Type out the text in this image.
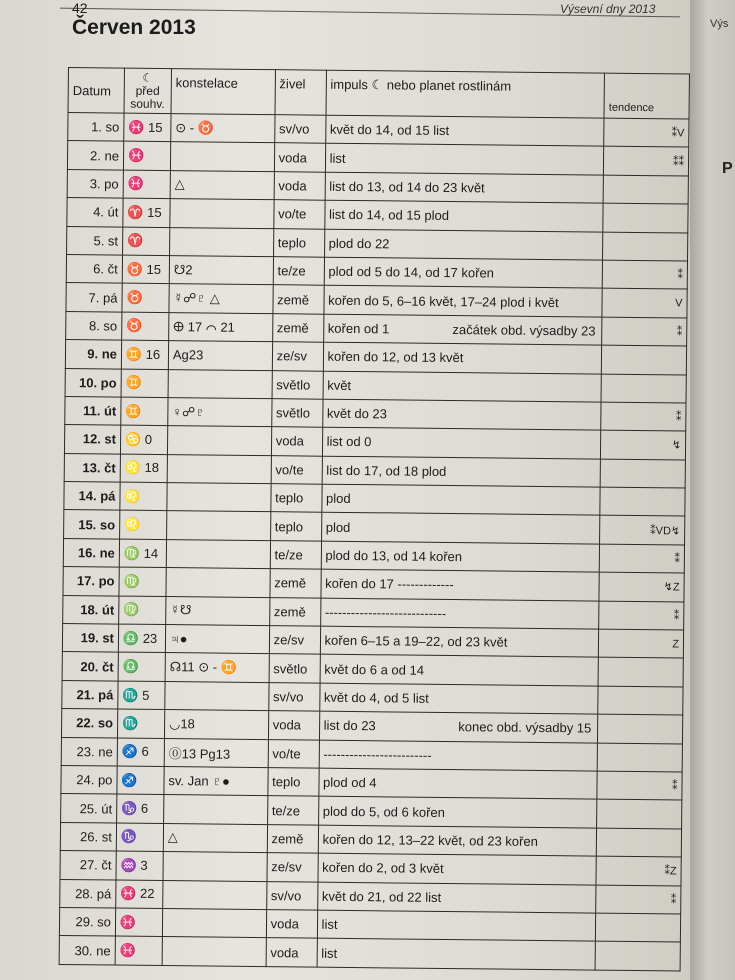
42	Výsevní dny 2013
Červen 2013
Datum	☾ před souhv.	konstelace	živel	impuls ☾ nebo planet rostlinám	tendence
1. so	♓ 15	⊙ - ♉	sv/vo	květ do 14, od 15 list	⁑V
2. ne	♓		voda	list	⁑⁑
3. po	♓	△	voda	list do 13, od 14 do 23 květ	
4. út	♈ 15		vo/te	list do 14, od 15 plod	
5. st	♈		teplo	plod do 22	
6. čt	♉ 15	☋2	te/ze	plod od 5 do 14, od 17 kořen	⁑
7. pá	♉	☿☍♇ △	země	kořen do 5, 6–16 květ, 17–24 plod i květ	V
8. so	♉	🜨 17 ⌒ 21	země	kořen od 1 začátek obd. výsadby 23	⁑
9. ne	♊ 16	Ag23	ze/sv	kořen do 12, od 13 květ	
10. po	♊		světlo	květ	
11. út	♊	♀☍♇	světlo	květ do 23	⁑
12. st	♋ 0		voda	list od 0	↯
13. čt	♌ 18		vo/te	list do 17, od 18 plod	
14. pá	♌		teplo	plod	
15. so	♌		teplo	plod	⁑VD↯
16. ne	♍ 14		te/ze	plod do 13, od 14 kořen	⁑
17. po	♍		země	kořen do 17 -------------	↯Z
18. út	♍	☿☋	země	----------------------------	⁑
19. st	♎ 23	♃●	ze/sv	kořen 6–15 a 19–22, od 23 květ	Z
20. čt	♎	☊11 ⊙ - ♊	světlo	květ do 6 a od 14	
21. pá	♏ 5		sv/vo	květ do 4, od 5 list	
22. so	♏	◡18	voda	list do 23 konec obd. výsadby 15	

23. ne	♐ 6	⓪13 Pg13	vo/te	-------------------------	
24. po	♐	sv. Jan ♇●	teplo	plod od 4	⁑
25. út	♑ 6		te/ze	plod do 5, od 6 kořen	
26. st	♑	△	země	kořen do 12, 13–22 květ, od 23 kořen	
27. čt	♒ 3		ze/sv	kořen do 2, od 3 květ	⁑Z
28. pá	♓ 22		sv/vo	květ do 21, od 22 list	⁑
29. so	♓		voda	list	
30. ne	♓		voda	list	
Výs
P
